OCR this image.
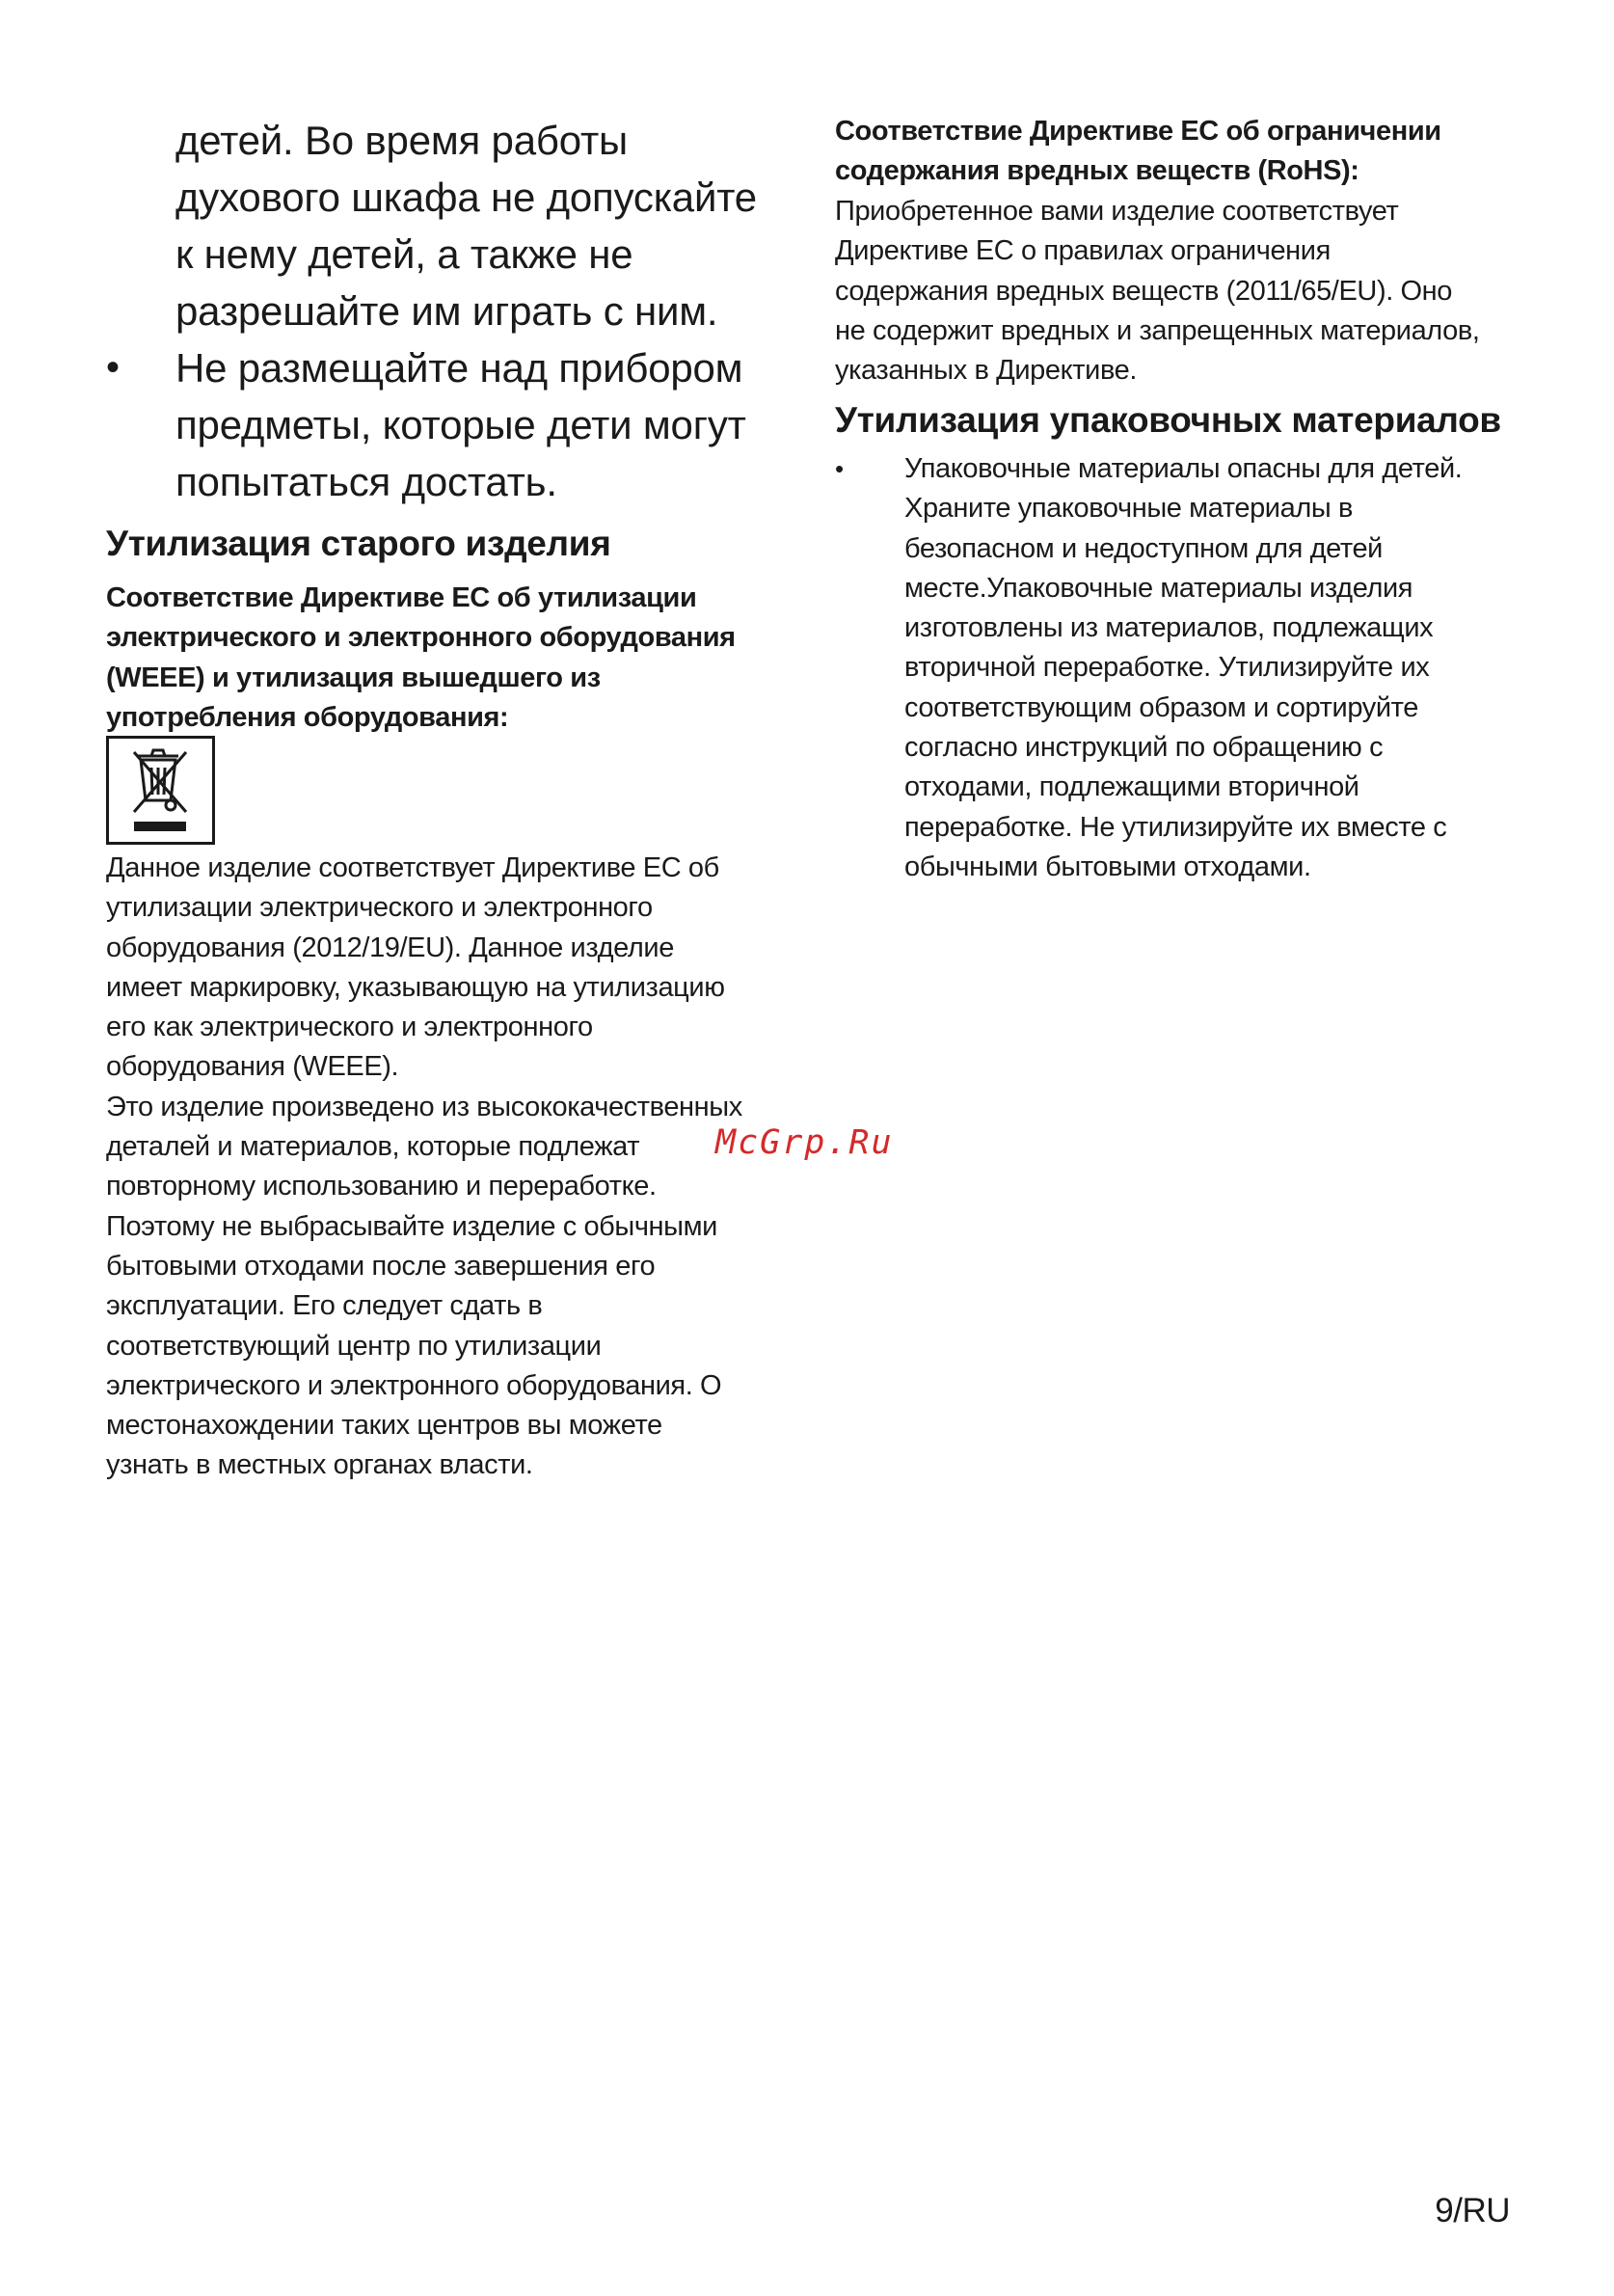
детей. Во время работы
духового шкафа не допускайте
к нему детей, а также не
разрешайте им играть с ним.
• Не размещайте над прибором
предметы, которые дети могут
попытаться достать.
Утилизация старого изделия
Соответствие Директиве ЕС об утилизации
электрического и электронного оборудования
(WEEE) и утилизация вышедшего из
употребления оборудования:
Данное изделие соответствует Директиве ЕС об
утилизации электрического и электронного
оборудования (2012/19/EU). Данное изделие
имеет маркировку, указывающую на утилизацию
его как электрического и электронного
оборудования (WEEE).
Это изделие произведено из высококачественных
деталей и материалов, которые подлежат
повторному использованию и переработке.
Поэтому не выбрасывайте изделие с обычными
бытовыми отходами после завершения его
эксплуатации. Его следует сдать в
соответствующий центр по утилизации
электрического и электронного оборудования. О
местонахождении таких центров вы можете
узнать в местных органах власти.
Соответствие Директиве ЕС об ограничении
содержания вредных веществ (RoHS):
Приобретенное вами изделие соответствует
Директиве ЕС о правилах ограничения
содержания вредных веществ (2011/65/EU). Оно
не содержит вредных и запрещенных материалов,
указанных в Директиве.
Утилизация упаковочных материалов
• Упаковочные материалы опасны для детей.
Храните упаковочные материалы в
безопасном и недоступном для детей
месте.Упаковочные материалы изделия
изготовлены из материалов, подлежащих
вторичной переработке. Утилизируйте их
соответствующим образом и сортируйте
согласно инструкций по обращению с
отходами, подлежащими вторичной
переработке. Не утилизируйте их вместе с
обычными бытовыми отходами.
McGrp.Ru
9/RU
